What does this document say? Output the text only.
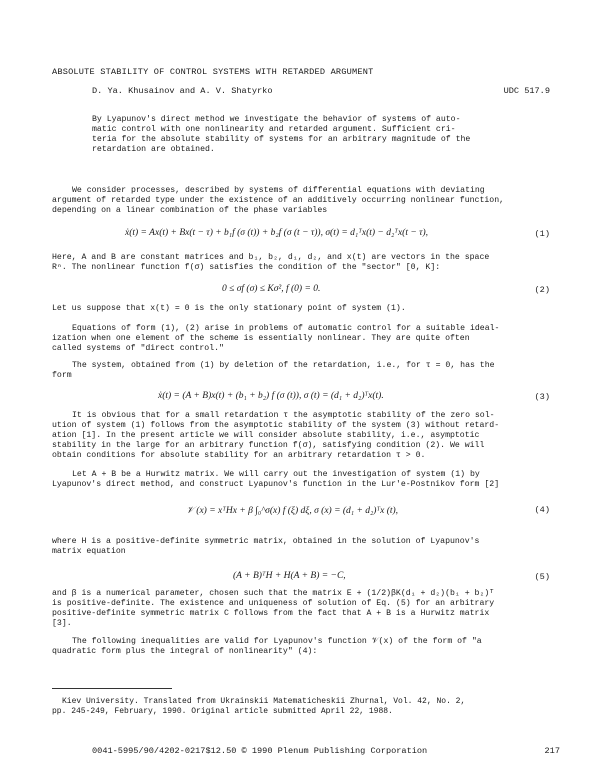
ABSOLUTE STABILITY OF CONTROL SYSTEMS WITH RETARDED ARGUMENT
D. Ya. Khusainov and A. V. Shatyrko	UDC 517.9
By Lyapunov's direct method we investigate the behavior of systems of auto-
matic control with one nonlinearity and retarded argument. Sufficient cri-
teria for the absolute stability of systems for an arbitrary magnitude of the
retardation are obtained.
We consider processes, described by systems of differential equations with deviating
argument of retarded type under the existence of an additively occurring nonlinear function,
depending on a linear combination of the phase variables
ẋ(t) = Ax(t) + Bx(t − τ) + b₁f (σ (t)) + b₂f (σ (t − τ)), σ(t) = d₁ᵀx(t) − d₂ᵀx(t − τ),	(1)
Here, A and B are constant matrices and b₁, b₂, d₁, d₂, and x(t) are vectors in the space
Rⁿ. The nonlinear function f(σ) satisfies the condition of the "sector" [0, K]:
0 ≤ σf (σ) ≤ Kσ², f (0) = 0.	(2)
Let us suppose that x(t) = 0 is the only stationary point of system (1).
Equations of form (1), (2) arise in problems of automatic control for a suitable ideal-
ization when one element of the scheme is essentially nonlinear. They are quite often
called systems of "direct control."
The system, obtained from (1) by deletion of the retardation, i.e., for τ = 0, has the
form
ẋ(t) = (A + B)x(t) + (b₁ + b₂) f (σ (t)), σ (t) = (d₁ + d₂)ᵀx(t).	(3)
It is obvious that for a small retardation τ the asymptotic stability of the zero sol-
ution of system (1) follows from the asymptotic stability of the system (3) without retard-
ation [1]. In the present article we will consider absolute stability, i.e., asymptotic
stability in the large for an arbitrary function f(σ), satisfying condition (2). We will
obtain conditions for absolute stability for an arbitrary retardation τ > 0.
Let A + B be a Hurwitz matrix. We will carry out the investigation of system (1) by
Lyapunov's direct method, and construct Lyapunov's function in the Lur'e-Postnikov form [2]
𝒱 (x) = xᵀHx + β ∫₀^σ(x) f (ξ) dξ, σ (x) = (d₁ + d₂)ᵀx (t),	(4)
where H is a positive-definite symmetric matrix, obtained in the solution of Lyapunov's
matrix equation
(A + B)ᵀH + H(A + B) = −C,	(5)
and β is a numerical parameter, chosen such that the matrix E + (1/2)βK(d₁ + d₂)(b₁ + b₂)ᵀ
is positive-definite. The existence and uniqueness of solution of Eq. (5) for an arbitrary
positive-definite symmetric matrix C follows from the fact that A + B is a Hurwitz matrix
[3].
The following inequalities are valid for Lyapunov's function 𝒱(x) of the form of "a
quadratic form plus the integral of nonlinearity" (4):
Kiev University. Translated from Ukrainskii Matematicheskii Zhurnal, Vol. 42, No. 2,
pp. 245-249, February, 1990. Original article submitted April 22, 1988.
0041-5995/90/4202-0217$12.50 © 1990 Plenum Publishing Corporation	217
